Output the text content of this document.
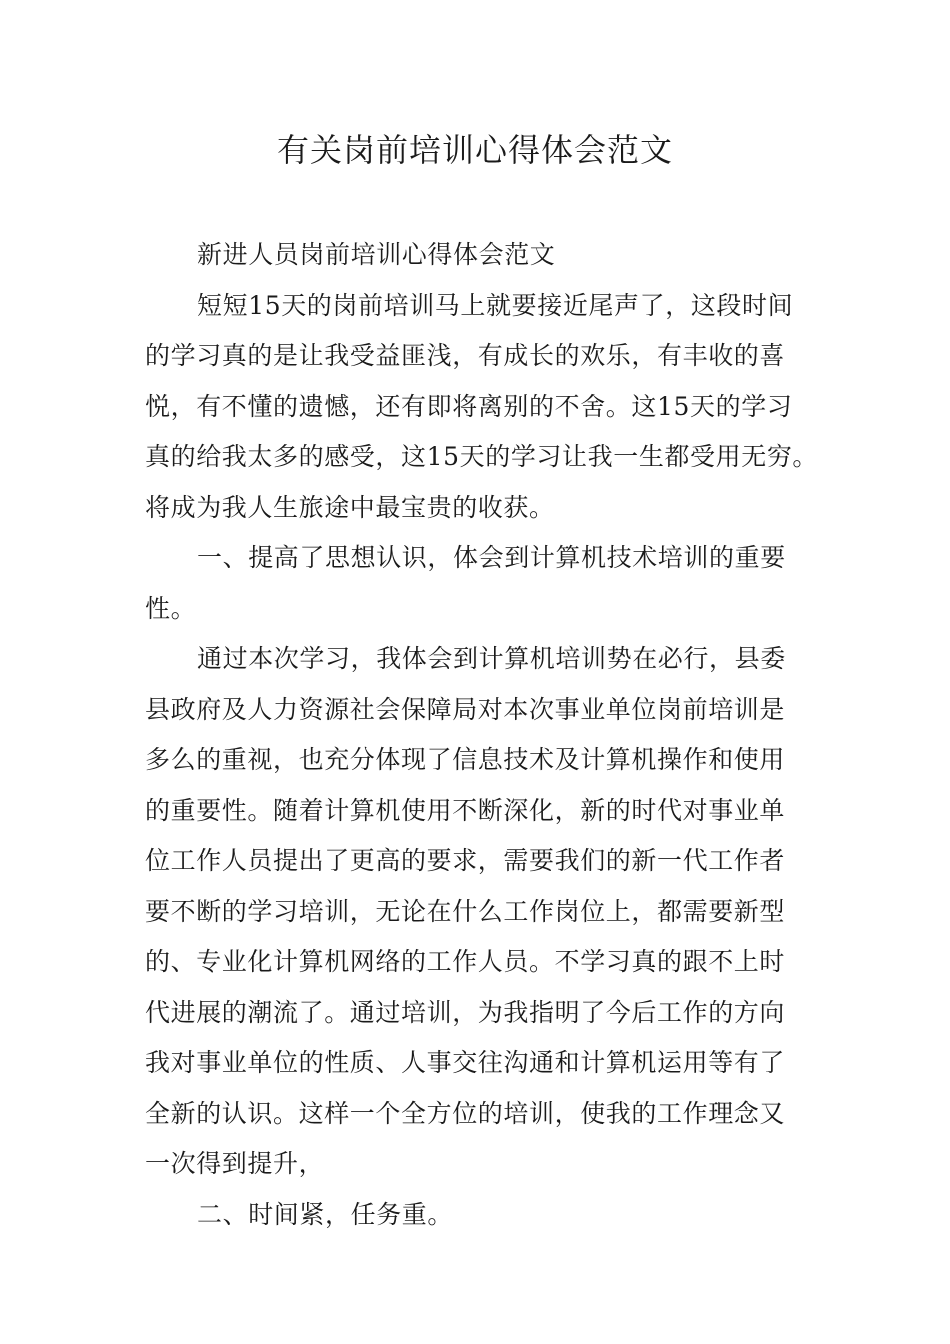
有关岗前培训心得体会范文

新进人员岗前培训心得体会范文

短短15天的岗前培训马上就要接近尾声了，这段时间

的学习真的是让我受益匪浅，有成长的欢乐，有丰收的喜

悦，有不懂的遗憾，还有即将离别的不舍。这15天的学习

真的给我太多的感受，这15天的学习让我一生都受用无穷。

将成为我人生旅途中最宝贵的收获。

一、提高了思想认识，体会到计算机技术培训的重要

性。

通过本次学习，我体会到计算机培训势在必行，县委

县政府及人力资源社会保障局对本次事业单位岗前培训是

多么的重视，也充分体现了信息技术及计算机操作和使用

的重要性。随着计算机使用不断深化，新的时代对事业单

位工作人员提出了更高的要求，需要我们的新一代工作者

要不断的学习培训，无论在什么工作岗位上，都需要新型

的、专业化计算机网络的工作人员。不学习真的跟不上时

代进展的潮流了。通过培训，为我指明了今后工作的方向

我对事业单位的性质、人事交往沟通和计算机运用等有了

全新的认识。这样一个全方位的培训，使我的工作理念又

一次得到提升，

二、时间紧，任务重。
